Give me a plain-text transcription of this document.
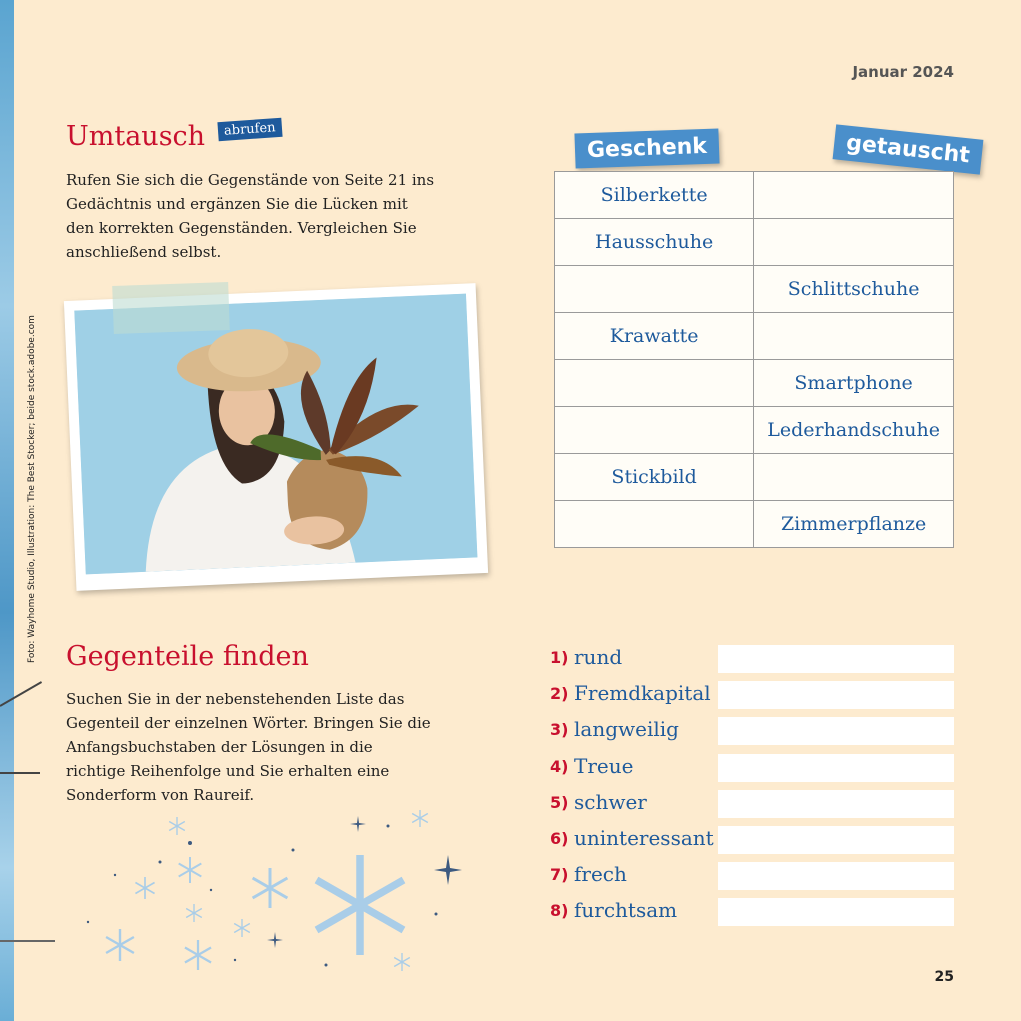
Januar 2024
25
Foto: Wayhome Studio, Illustration: The Best Stocker; beide stock.adobe.com
Umtausch	abrufen

Rufen Sie sich die Gegenstände von Seite 21 ins Gedächtnis und ergänzen Sie die Lücken mit den korrekten Gegenständen. Vergleichen Sie anschließend selbst.

Geschenk	getauscht
Silberkette	
Hausschuhe	
	Schlittschuhe
Krawatte	
	Smartphone
	Lederhandschuhe
Stickbild	
	Zimmerpflanze
Gegenteile finden

Suchen Sie in der nebenstehenden Liste das Gegenteil der einzelnen Wörter. Bringen Sie die Anfangsbuchstaben der Lösungen in die richtige Reihenfolge und Sie erhalten eine Sonderform von Raureif.

1) rund
2) Fremdkapital
3) langweilig
4) Treue
5) schwer
6) uninteressant
7) frech
8) furchtsam
